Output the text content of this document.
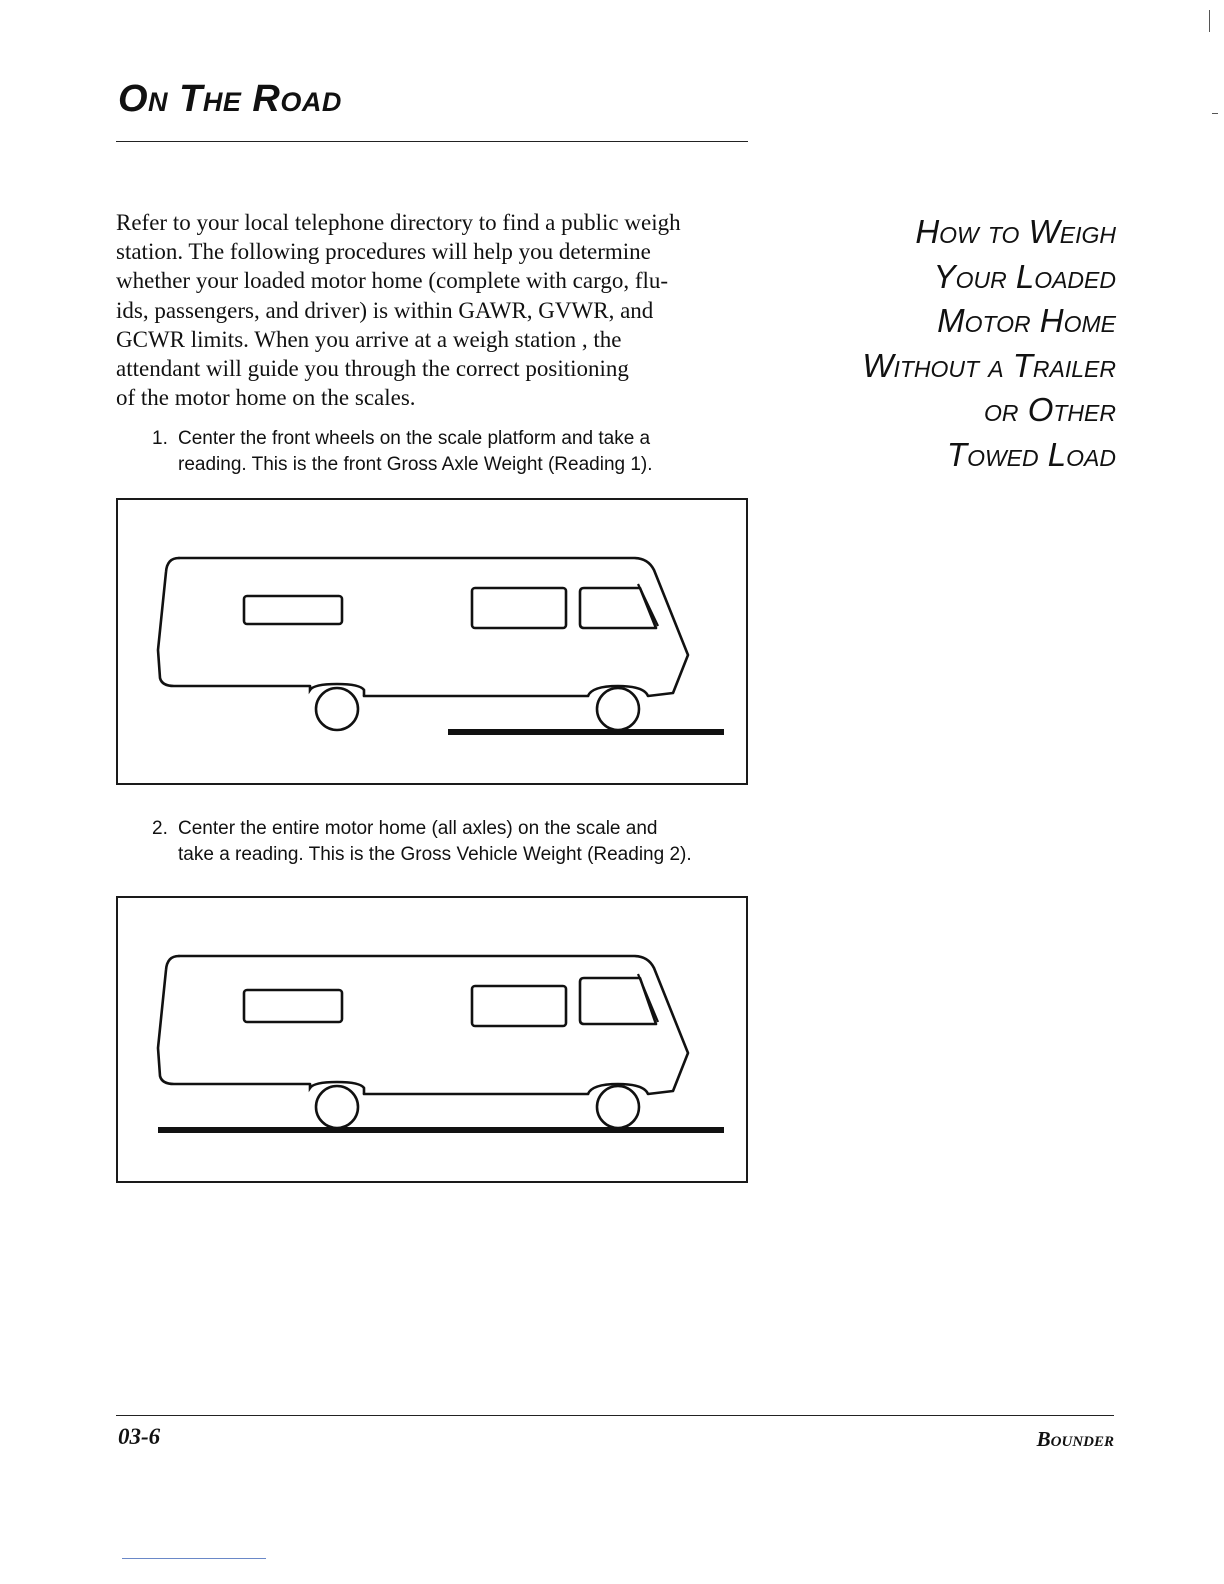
On The Road

Refer to your local telephone directory to find a public weigh
station. The following procedures will help you determine
whether your loaded motor home (complete with cargo, flu-
ids, passengers, and driver) is within GAWR, GVWR, and
GCWR limits. When you arrive at a weigh station , the
attendant will guide you through the correct positioning
of the motor home on the scales.

1. Center the front wheels on the scale platform and take a
reading. This is the front Gross Axle Weight (Reading 1).
2. Center the entire motor home (all axles) on the scale and
take a reading. This is the Gross Vehicle Weight (Reading 2).
How to Weigh
Your Loaded
Motor Home
Without a Trailer
or Other
Towed Load
03-6	Bounder
